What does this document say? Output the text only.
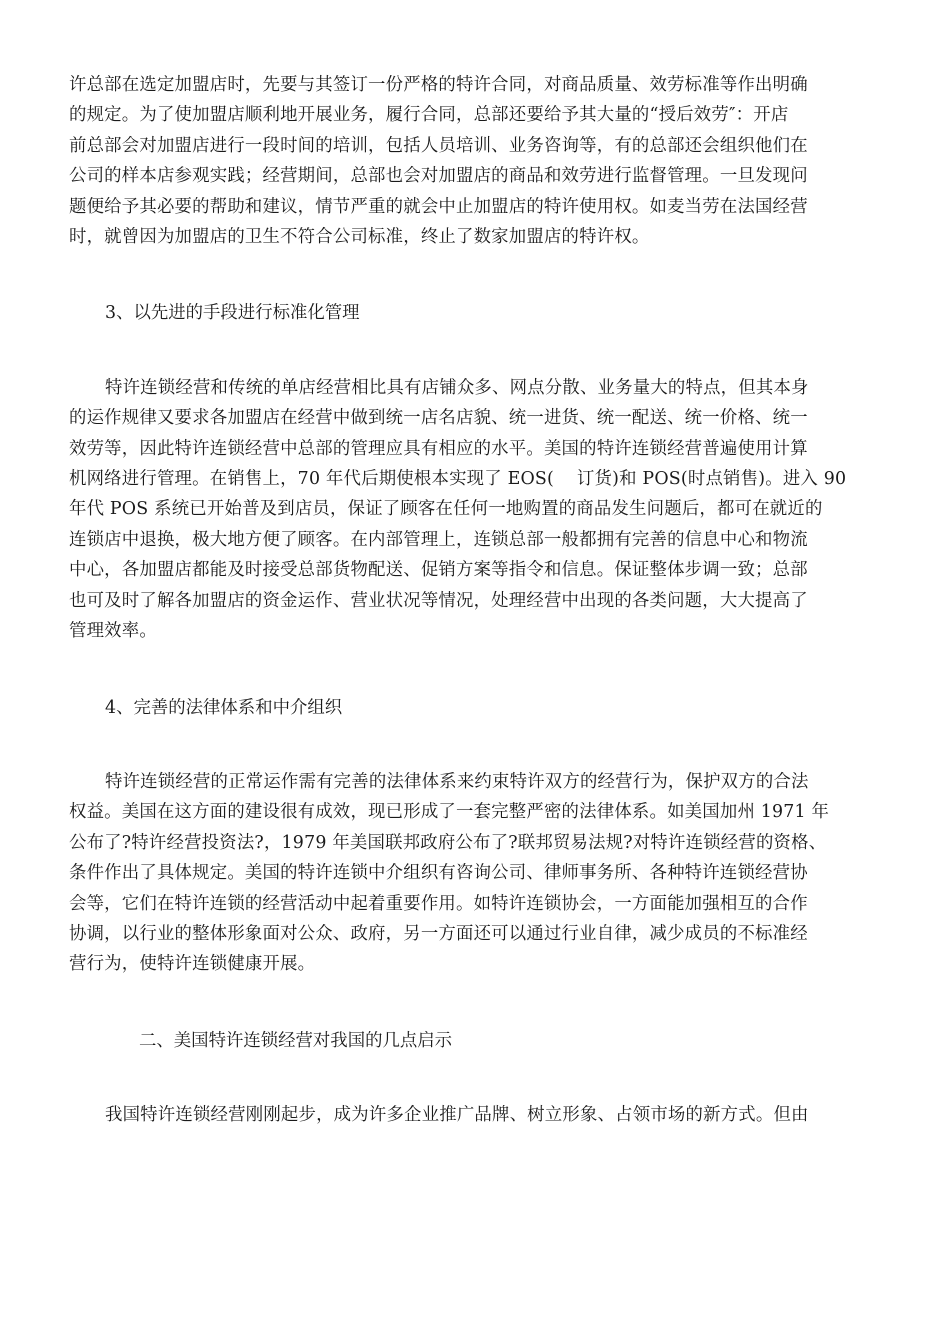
许总部在选定加盟店时，先要与其签订一份严格的特许合同，对商品质量、效劳标准等作出明确
的规定。为了使加盟店顺利地开展业务，履行合同，总部还要给予其大量的“授后效劳″：开店
前总部会对加盟店进行一段时间的培训，包括人员培训、业务咨询等，有的总部还会组织他们在
公司的样本店参观实践；经营期间，总部也会对加盟店的商品和效劳进行监督管理。一旦发现问
题便给予其必要的帮助和建议，情节严重的就会中止加盟店的特许使用权。如麦当劳在法国经营
时，就曾因为加盟店的卫生不符合公司标准，终止了数家加盟店的特许权。

3、以先进的手段进行标准化管理

特许连锁经营和传统的单店经营相比具有店铺众多、网点分散、业务量大的特点，但其本身
的运作规律又要求各加盟店在经营中做到统一店名店貌、统一进货、统一配送、统一价格、统一
效劳等，因此特许连锁经营中总部的管理应具有相应的水平。美国的特许连锁经营普遍使用计算
机网络进行管理。在销售上，70 年代后期使根本实现了 EOS(    订货)和 POS(时点销售)。进入 90
年代 POS 系统已开始普及到店员，保证了顾客在任何一地购置的商品发生问题后，都可在就近的
连锁店中退换，极大地方便了顾客。在内部管理上，连锁总部一般都拥有完善的信息中心和物流
中心，各加盟店都能及时接受总部货物配送、促销方案等指令和信息。保证整体步调一致；总部
也可及时了解各加盟店的资金运作、营业状况等情况，处理经营中出现的各类问题，大大提高了
管理效率。

4、完善的法律体系和中介组织

特许连锁经营的正常运作需有完善的法律体系来约束特许双方的经营行为，保护双方的合法
权益。美国在这方面的建设很有成效，现已形成了一套完整严密的法律体系。如美国加州 1971 年
公布了?特许经营投资法?，1979 年美国联邦政府公布了?联邦贸易法规?对特许连锁经营的资格、
条件作出了具体规定。美国的特许连锁中介组织有咨询公司、律师事务所、各种特许连锁经营协
会等，它们在特许连锁的经营活动中起着重要作用。如特许连锁协会，一方面能加强相互的合作
协调，以行业的整体形象面对公众、政府，另一方面还可以通过行业自律，减少成员的不标准经
营行为，使特许连锁健康开展。

二、美国特许连锁经营对我国的几点启示

我国特许连锁经营刚刚起步，成为许多企业推广品牌、树立形象、占领市场的新方式。但由
